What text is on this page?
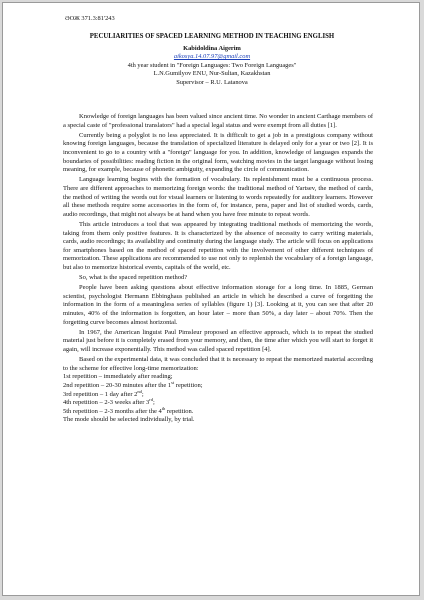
ӘОЖ 371.3:81'243
PECULIARITIES OF SPACED LEARNING METHOD IN TEACHING ENGLISH
Kabidoldina Aigerim
aikosya.14.07.97@gmail.com
4th year student in "Foreign Languages: Two Foreign Languages"
L.N.Gumilyov ENU, Nur-Sultan, Kazakhstan
Supervisor – R.U. Latanova

Knowledge of foreign languages has been valued since ancient time. No wonder in ancient Carthage members of a special caste of "professional translators" had a special legal status and were exempt from all duties [1].

Currently being a polyglot is no less appreciated. It is difficult to get a job in a prestigious company without knowing foreign languages, because the translation of specialized literature is delayed only for a year or two [2]. It is inconvenient to go to a country with a "foreign" language for you. In addition, knowledge of languages expands the boundaries of possibilities: reading fiction in the original form, watching movies in the target language without losing meaning, for example, because of phonetic ambiguity, expanding the circle of communication.

Language learning begins with the formation of vocabulary. Its replenishment must be a continuous process. There are different approaches to memorizing foreign words: the traditional method of Yartsev, the method of cards, the method of writing the words out for visual learners or listening to words repeatedly for auditory learners. However all these methods require some accessories in the form of, for instance, pens, paper and list of studied words, cards, audio recordings, that might not always be at hand when you have free minute to repeat words.

This article introduces a tool that was appeared by integrating traditional methods of memorizing the words, taking from them only positive features. It is characterized by the absence of necessity to carry writing materials, cards, audio recordings; its availability and continuity during the language study. The article will focus on applications for smartphones based on the method of spaced repetition with the involvement of other different techniques of memorization. These applications are recommended to use not only to replenish the vocabulary of a foreign language, but also to memorize historical events, capitals of the world, etc.

So, what is the spaced repetition method?

People have been asking questions about effective information storage for a long time. In 1885, German scientist, psychologist Hermann Ebbinghaus published an article in which he described a curve of forgetting the information in the form of a meaningless series of syllables (figure 1) [3]. Looking at it, you can see that after 20 minutes, 40% of the information is forgotten, an hour later – more than 50%, a day later – about 70%. Then the forgetting curve becomes almost horizontal.

In 1967, the American linguist Paul Pimsleur proposed an effective approach, which is to repeat the studied material just before it is completely erased from your memory, and then, the time after which you will start to forget it again, will increase exponentially. This method was called spaced repetition [4].

Based on the experimental data, it was concluded that it is necessary to repeat the memorized material according to the scheme for effective long-time memorization:

1st repetition – immediately after reading;

2nd repetition – 20-30 minutes after the 1st repetition;

3rd repetition – 1 day after 2nd;

4th repetition – 2-3 weeks after 3rd;

5th repetition – 2-3 months after the 4th repetition.

The mode should be selected individually, by trial.
